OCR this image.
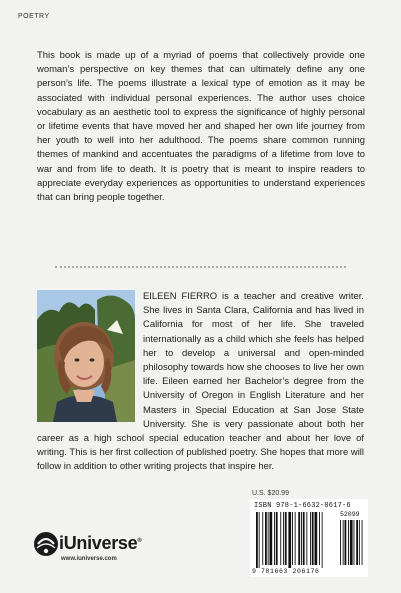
POETRY

This book is made up of a myriad of poems that collectively provide one woman’s perspective on key themes that can ultimately define any one person’s life. The poems illustrate a lexical type of emotion as it may be associated with individual personal experiences. The author uses choice vocabulary as an aesthetic tool to express the significance of highly personal or lifetime events that have moved her and shaped her own life journey from her youth to well into her adulthood. The poems share common running themes of mankind and accentuates the paradigms of a lifetime from love to war and from life to death. It is poetry that is meant to inspire readers to appreciate everyday experiences as opportunities to understand experiences that can bring people together.

EILEEN FIERRO is a teacher and creative writer. She lives in Santa Clara, California and has lived in California for most of her life. She traveled internationally as a child which she feels has helped her to develop a universal and open-minded philosophy towards how she chooses to live her own life. Eileen earned her Bachelor’s degree from the University of Oregon in English Literature and her Masters in Special Education at San Jose State University. She is very passionate about both her career as a high school special education teacher and about her love of writing. This is her first collection of published poetry. She hopes that more will follow in addition to other writing projects that inspire her.

U.S. $20.99
ISBN 978-1-6632-0617-6
52099
9 781663 206176
iUniverse®
www.iuniverse.com
